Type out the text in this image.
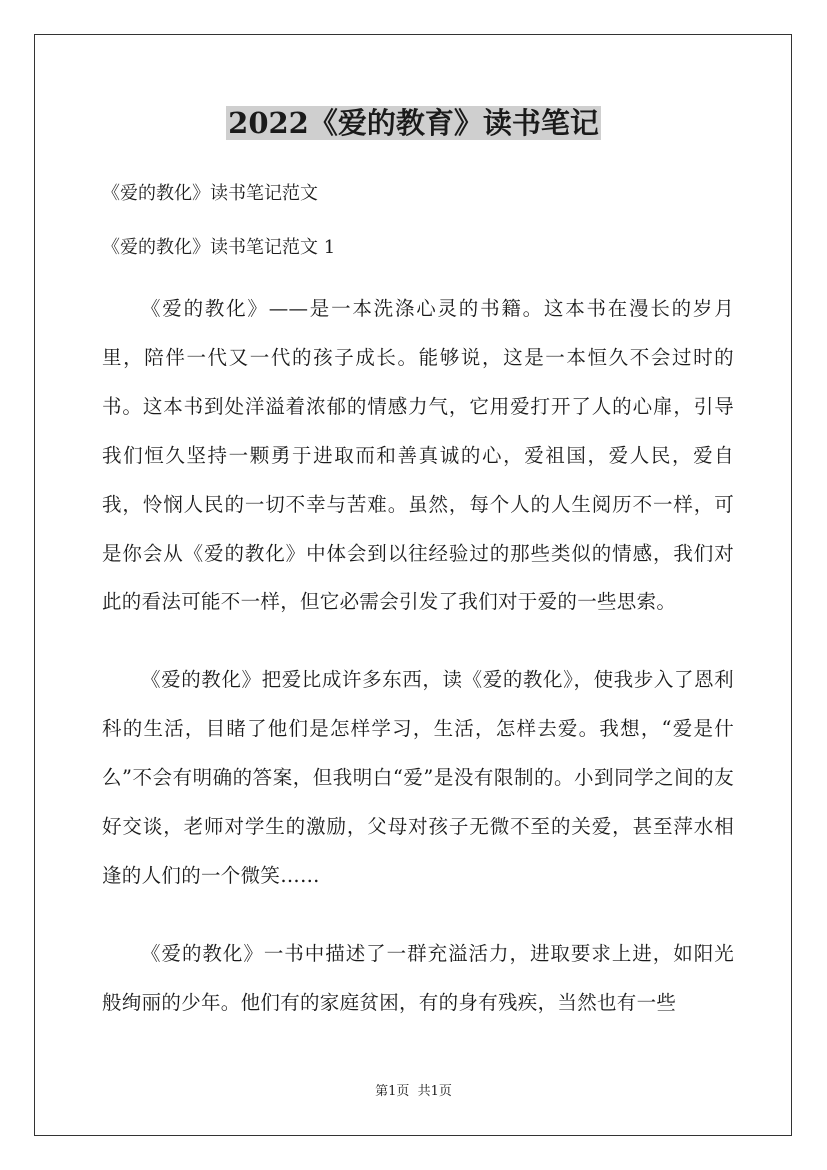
2022《爱的教育》读书笔记

《爱的教化》读书笔记范文

《爱的教化》读书笔记范文 1

《爱的教化》——是一本洗涤心灵的书籍。这本书在漫长的岁月里，陪伴一代又一代的孩子成长。能够说，这是一本恒久不会过时的书。这本书到处洋溢着浓郁的情感力气，它用爱打开了人的心扉，引导我们恒久坚持一颗勇于进取而和善真诚的心，爱祖国，爱人民，爱自我，怜悯人民的一切不幸与苦难。虽然，每个人的人生阅历不一样，可是你会从《爱的教化》中体会到以往经验过的那些类似的情感，我们对此的看法可能不一样，但它必需会引发了我们对于爱的一些思索。

《爱的教化》把爱比成许多东西，读《爱的教化》，使我步入了恩利科的生活，目睹了他们是怎样学习，生活，怎样去爱。我想，“爱是什么”不会有明确的答案，但我明白“爱”是没有限制的。小到同学之间的友好交谈，老师对学生的激励，父母对孩子无微不至的关爱，甚至萍水相逢的人们的一个微笑……

《爱的教化》一书中描述了一群充溢活力，进取要求上进，如阳光般绚丽的少年。他们有的家庭贫困，有的身有残疾，当然也有一些

第1页  共1页
